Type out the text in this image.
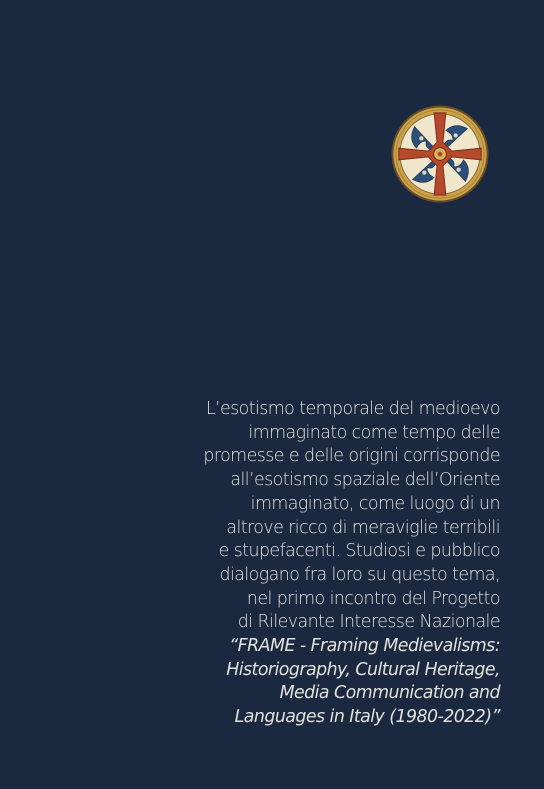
L’esotismo temporale del medioevo
immaginato come tempo delle
promesse e delle origini corrisponde
all’esotismo spaziale dell’Oriente
immaginato, come luogo di un
altrove ricco di meraviglie terribili
e stupefacenti. Studiosi e pubblico
dialogano fra loro su questo tema,
nel primo incontro del Progetto
di Rilevante Interesse Nazionale
“FRAME - Framing Medievalisms:
Historiography, Cultural Heritage,
Media Communication and
Languages in Italy (1980-2022)”
